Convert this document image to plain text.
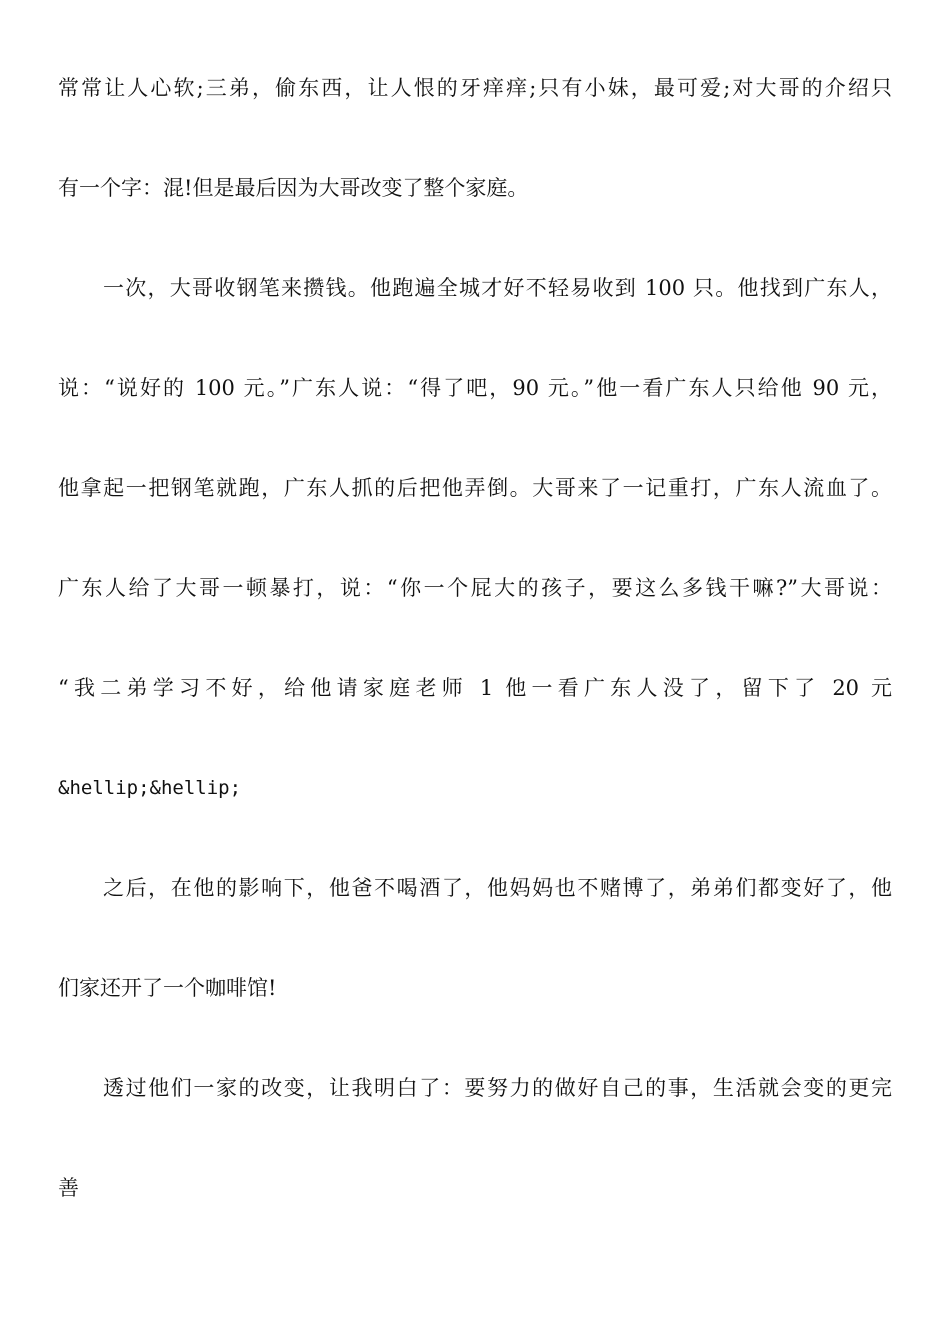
常常让人心软;三弟，偷东西，让人恨的牙痒痒;只有小妹，最可爱;对大哥的介绍只
有一个字：混!但是最后因为大哥改变了整个家庭。
一次，大哥收钢笔来攒钱。他跑遍全城才好不轻易收到 100 只。他找到广东人，
说：“说好的 100 元。”广东人说：“得了吧，90 元。”他一看广东人只给他 90 元，
他拿起一把钢笔就跑，广东人抓的后把他弄倒。大哥来了一记重打，广东人流血了。
广东人给了大哥一顿暴打，说：“你一个屁大的孩子，要这么多钱干嘛?”大哥说：
“我二弟学习不好，给他请家庭老师 1 他一看广东人没了，留下了 20 元
&hellip;&hellip;
之后，在他的影响下，他爸不喝酒了，他妈妈也不赌博了，弟弟们都变好了，他
们家还开了一个咖啡馆!
透过他们一家的改变，让我明白了：要努力的做好自己的事，生活就会变的更完
善
